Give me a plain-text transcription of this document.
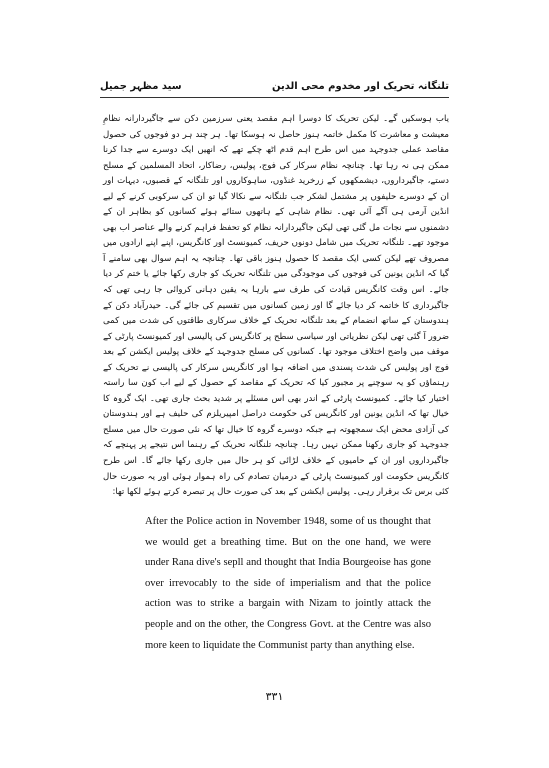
تلنگانہ تحریک اور مخدوم محی الدین
سید مظہر جمیل

یاب ہوسکیں گے۔ لیکن تحریک کا دوسرا اہم مقصد یعنی سرزمین دکن سے جاگیردارانہ نظامِ معیشت و معاشرت کا مکمل خاتمہ ہنوز حاصل نہ ہوسکا تھا۔ ہر چند ہر دو فوجوں کی حصول مقاصد عملی جدوجہد میں اس طرح اہم قدم اٹھ چکے تھے کہ انھیں ایک دوسرے سے جدا کرنا ممکن ہی نہ رہا تھا۔ چنانچہ نظام سرکار کی فوج، پولیس، رضاکار، اتحاد المسلمین کے مسلح دستے، جاگیرداروں، دیشمکھوں کے زرخرید غنڈوں، ساہوکاروں اور تلنگانہ کے قصبوں، دیہات اور ان کے دوسرے حلیفوں پر مشتمل لشکر جب تلنگانہ سے نکالا گیا تو ان کی سرکوبی کرنے کے لیے انڈین آرمی ہی آگے آئی تھی۔ نظام شاہی کے ہاتھوں ستائے ہوئے کسانوں کو بظاہر ان کے دشمنوں سے نجات مل گئی تھی لیکن جاگیردارانہ نظام کو تحفظ فراہم کرنے والے عناصر اب بھی موجود تھے۔ تلنگانہ تحریک میں شامل دونوں حریف، کمیونسٹ اور کانگریس، اپنے اپنے ارادوں میں مصروف تھے لیکن کسی ایک مقصد کا حصول ہنوز باقی تھا۔ چنانچہ یہ اہم سوال بھی سامنے آ گیا کہ انڈین یونین کی فوجوں کی موجودگی میں تلنگانہ تحریک کو جاری رکھا جائے یا ختم کر دیا جائے۔ اس وقت کانگریس قیادت کی طرف سے بارہا یہ یقین دہانی کروائی جا رہی تھی کہ جاگیرداری کا خاتمہ کر دیا جائے گا اور زمین کسانوں میں تقسیم کی جائے گی۔ حیدرآباد دکن کے ہندوستان کے ساتھ انضمام کے بعد تلنگانہ تحریک کے خلاف سرکاری طاقتوں کی شدت میں کمی ضرور آ گئی تھی لیکن نظریاتی اور سیاسی سطح پر کانگریس کی پالیسی اور کمیونسٹ پارٹی کے موقف میں واضح اختلاف موجود تھا۔ کسانوں کی مسلح جدوجہد کے خلاف پولیس ایکشن کے بعد فوج اور پولیس کی شدت پسندی میں اضافہ ہوا اور کانگریس سرکار کی پالیسی نے تحریک کے رہنماؤں کو یہ سوچنے پر مجبور کیا کہ تحریک کے مقاصد کے حصول کے لیے اب کون سا راستہ اختیار کیا جائے۔ کمیونسٹ پارٹی کے اندر بھی اس مسئلے پر شدید بحث جاری تھی۔ ایک گروہ کا خیال تھا کہ انڈین یونین اور کانگریس کی حکومت دراصل امپیریلزم کی حلیف ہے اور ہندوستان کی آزادی محض ایک سمجھوتہ ہے جبکہ دوسرے گروہ کا خیال تھا کہ نئی صورت حال میں مسلح جدوجہد کو جاری رکھنا ممکن نہیں رہا۔ چنانچہ تلنگانہ تحریک کے رہنما اس نتیجے پر پہنچے کہ جاگیرداروں اور ان کے حامیوں کے خلاف لڑائی کو ہر حال میں جاری رکھا جائے گا۔ اس طرح کانگریس حکومت اور کمیونسٹ پارٹی کے درمیان تصادم کی راہ ہموار ہوئی اور یہ صورت حال کئی برس تک برقرار رہی۔ پولیس ایکشن کے بعد کی صورت حال پر تبصرہ کرتے ہوئے لکھا تھا:

After the Police action in November 1948, some of us thought that we would get a breathing time. But on the one hand, we were under Rana dive's sepll and thought that India Bourgeoise has gone over irrevocably to the side of imperialism and that the police action was to strike a bargain with Nizam to jointly attack the people and on the other, the Congress Govt. at the Centre was also more keen to liquidate the Communist party than anything else.

۳۳۱
